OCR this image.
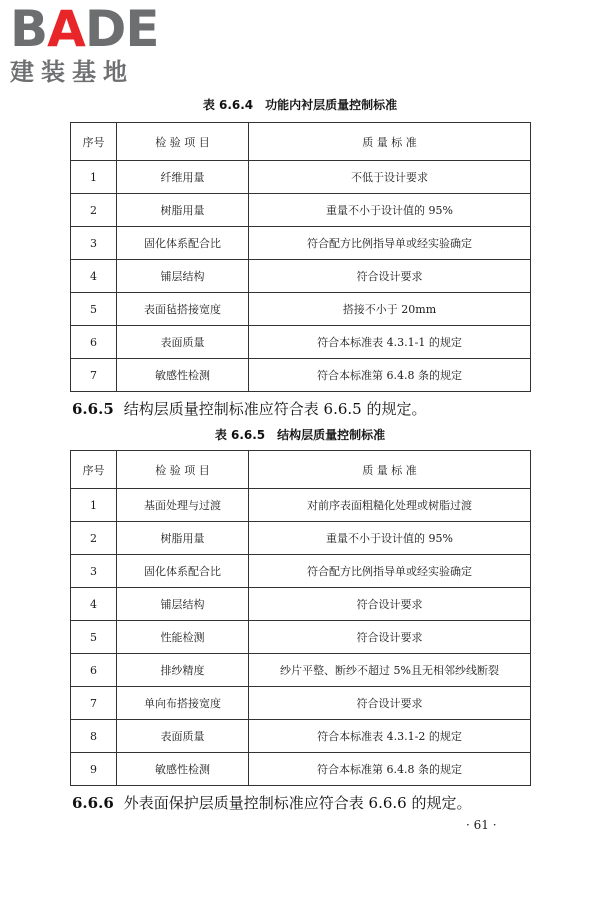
BADE
建装基地
表 6.6.4 功能内衬层质量控制标准
序号	检 验 项 目	质 量 标 准
1	纤维用量	不低于设计要求
2	树脂用量	重量不小于设计值的 95%
3	固化体系配合比	符合配方比例指导单或经实验确定
4	铺层结构	符合设计要求
5	表面毡搭接宽度	搭接不小于 20mm
6	表面质量	符合本标准表 4.3.1-1 的规定
7	敏感性检测	符合本标准第 6.4.8 条的规定
6.6.5 结构层质量控制标准应符合表 6.6.5 的规定。
表 6.6.5 结构层质量控制标准
序号	检 验 项 目	质 量 标 准
1	基面处理与过渡	对前序表面粗糙化处理或树脂过渡
2	树脂用量	重量不小于设计值的 95%
3	固化体系配合比	符合配方比例指导单或经实验确定
4	铺层结构	符合设计要求
5	性能检测	符合设计要求
6	排纱精度	纱片平整、断纱不超过 5%且无相邻纱线断裂
7	单向布搭接宽度	符合设计要求
8	表面质量	符合本标准表 4.3.1-2 的规定
9	敏感性检测	符合本标准第 6.4.8 条的规定
6.6.6 外表面保护层质量控制标准应符合表 6.6.6 的规定。
· 61 ·
